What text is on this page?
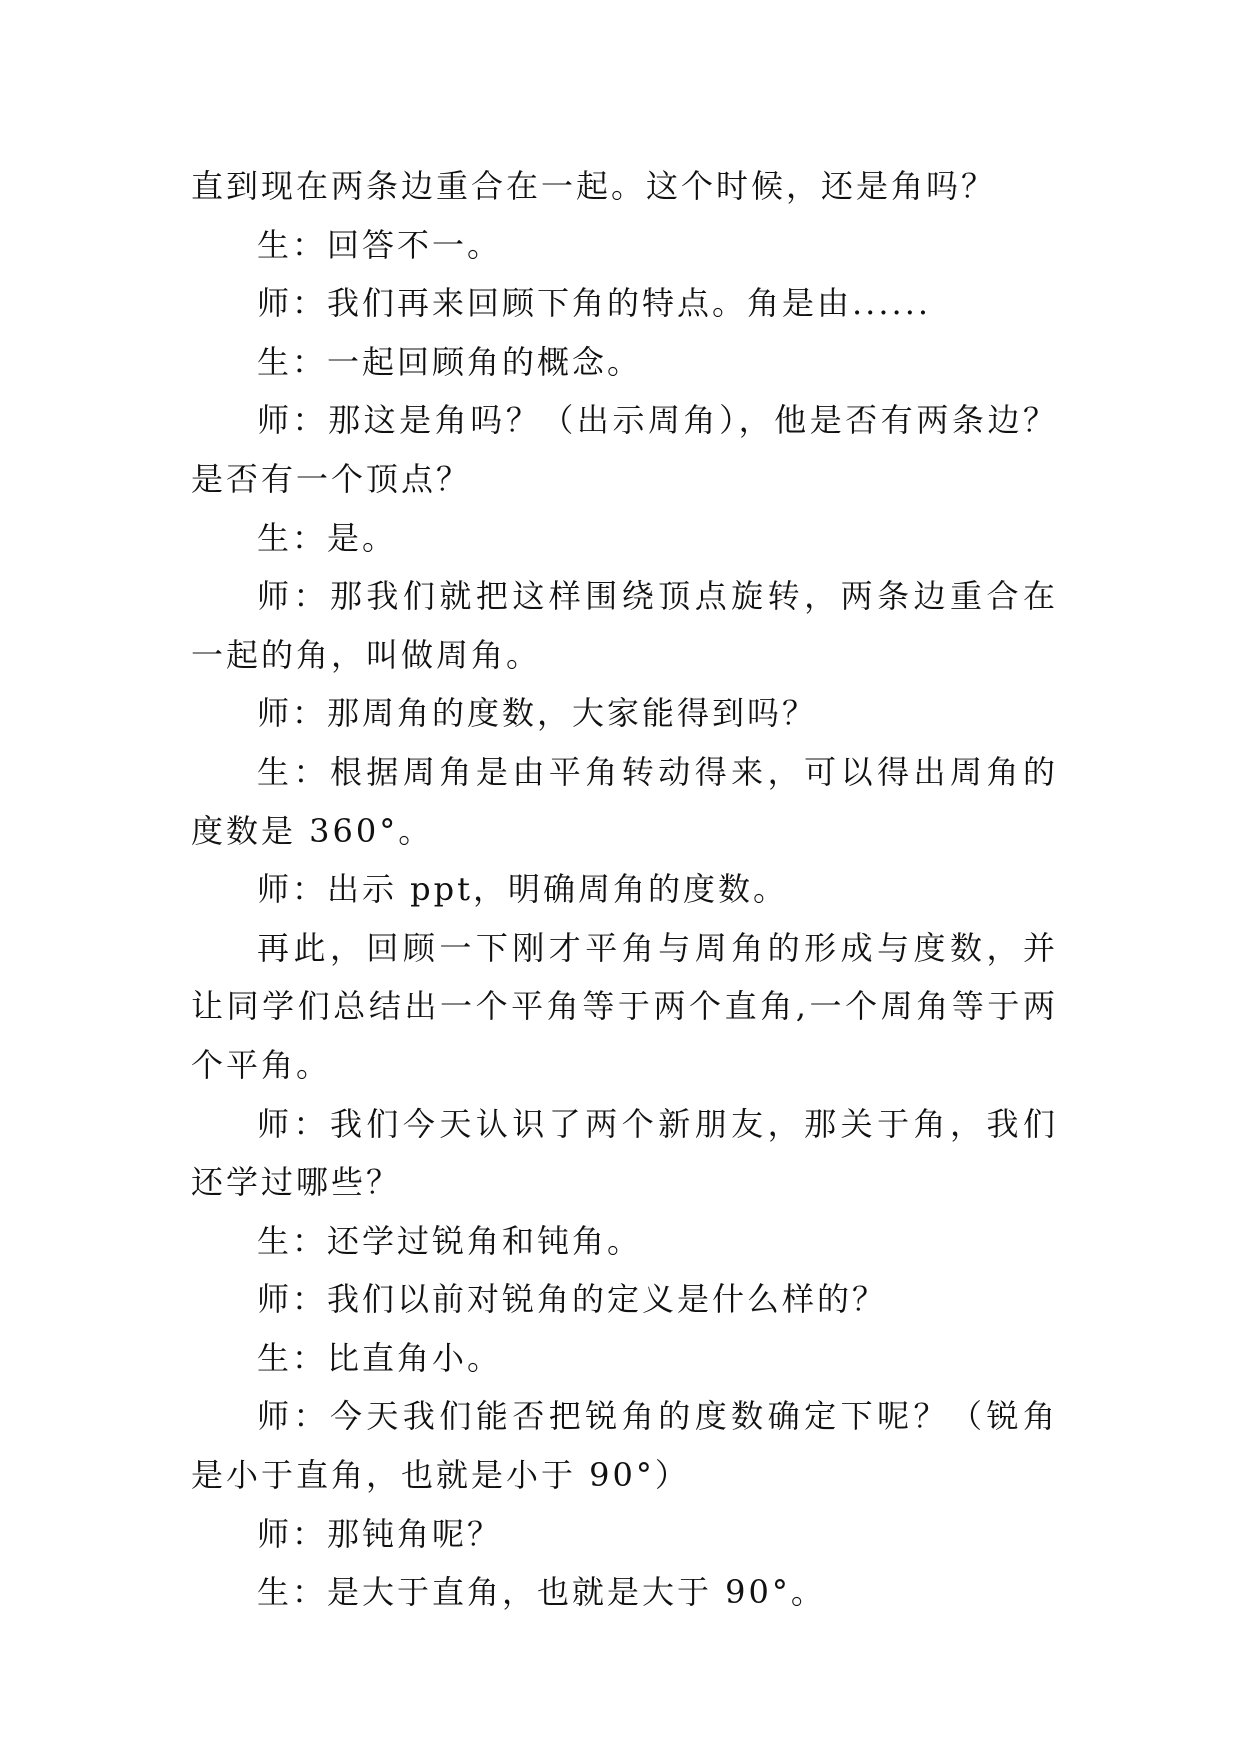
直到现在两条边重合在一起。这个时候，还是角吗？

生：回答不一。

师：我们再来回顾下角的特点。角是由......

生：一起回顾角的概念。

师：那这是角吗？（出示周角），他是否有两条边？是否有一个顶点？

生：是。

师：那我们就把这样围绕顶点旋转，两条边重合在一起的角，叫做周角。

师：那周角的度数，大家能得到吗？

生：根据周角是由平角转动得来，可以得出周角的度数是 360°。

师：出示 ppt，明确周角的度数。

再此，回顾一下刚才平角与周角的形成与度数，并让同学们总结出一个平角等于两个直角,一个周角等于两个平角。

师：我们今天认识了两个新朋友，那关于角，我们还学过哪些？

生：还学过锐角和钝角。

师：我们以前对锐角的定义是什么样的？

生：比直角小。

师：今天我们能否把锐角的度数确定下呢？（锐角是小于直角，也就是小于 90°）

师：那钝角呢？

生：是大于直角，也就是大于 90°。
